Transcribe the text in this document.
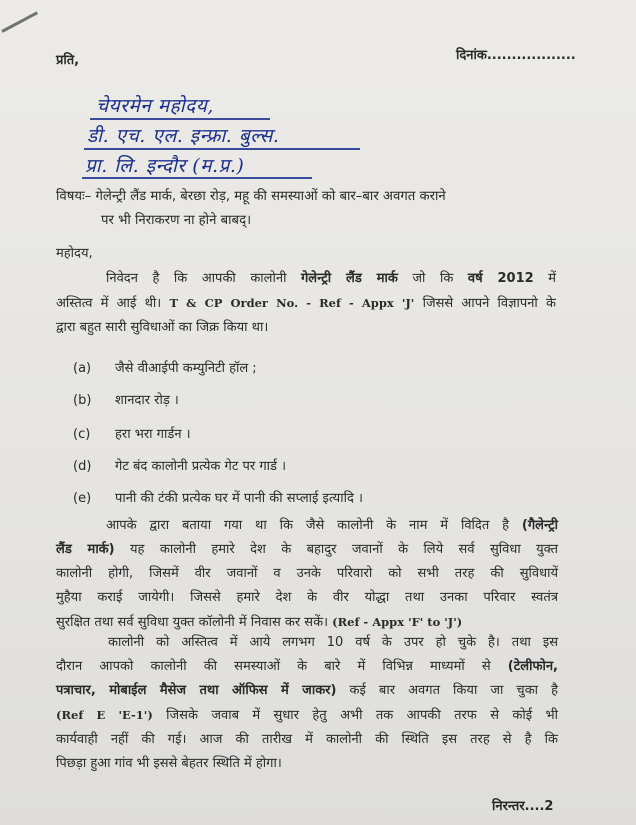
प्रति,	दिनांक..................
चेयरमेन महोदय,
डी. एच. एल. इन्फ्रा. बुल्स.
प्रा. लि. इन्दौर (म.प्र.)
विषयः– गेलेन्ट्री लैंड मार्क, बेरछा रोड़, महू की समस्याओं को बार–बार अवगत कराने
पर भी निराकरण ना होने बाबद्।
महोदय,
निवेदन है कि आपकी कालोनी गेलेन्ट्री लैंड मार्क जो कि वर्ष 2012 में
अस्तित्व में आई थी। T & CP Order No. - Ref - Appx 'J' जिससे आपने विज्ञापनो के
द्वारा बहुत सारी सुविधाओं का जिक्र किया था।
(a) जैसे वीआईपी कम्युनिटी हॉल ;
(b) शानदार रोड़ ।
(c) हरा भरा गार्डन ।
(d) गेट बंद कालोनी प्रत्येक गेट पर गार्ड ।
(e) पानी की टंकी प्रत्येक घर में पानी की सप्लाई इत्यादि ।
आपके द्वारा बताया गया था कि जैसे कालोनी के नाम में विदित है (गैलेन्ट्री
लैंड मार्क) यह कालोनी हमारे देश के बहादुर जवानों के लिये सर्व सुविधा युक्त
कालोनी होगी, जिसमें वीर जवानों व उनके परिवारो को सभी तरह की सुविधायें
मुहैया कराई जायेगी। जिससे हमारे देश के वीर योद्धा तथा उनका परिवार स्वतंत्र
सुरक्षित तथा सर्व सुविधा युक्त कॉलोनी में निवास कर सकें। (Ref - Appx 'F' to 'J')
कालोनी को अस्तित्व में आये लगभग 10 वर्ष के उपर हो चुके है। तथा इस
दौरान आपको कालोनी की समस्याओं के बारे में विभिन्न माध्यमों से (टेलीफोन,
पत्राचार, मोबाईल मैसेज तथा ऑफिस में जाकर) कई बार अवगत किया जा चुका है
(Ref E 'E-1') जिसके जवाब में सुधार हेतु अभी तक आपकी तरफ से कोई भी
कार्यवाही नहीं की गई। आज की तारीख में कालोनी की स्थिति इस तरह से है कि
पिछड़ा हुआ गांव भी इससे बेहतर स्थिति में होगा।
निरन्तर....2
